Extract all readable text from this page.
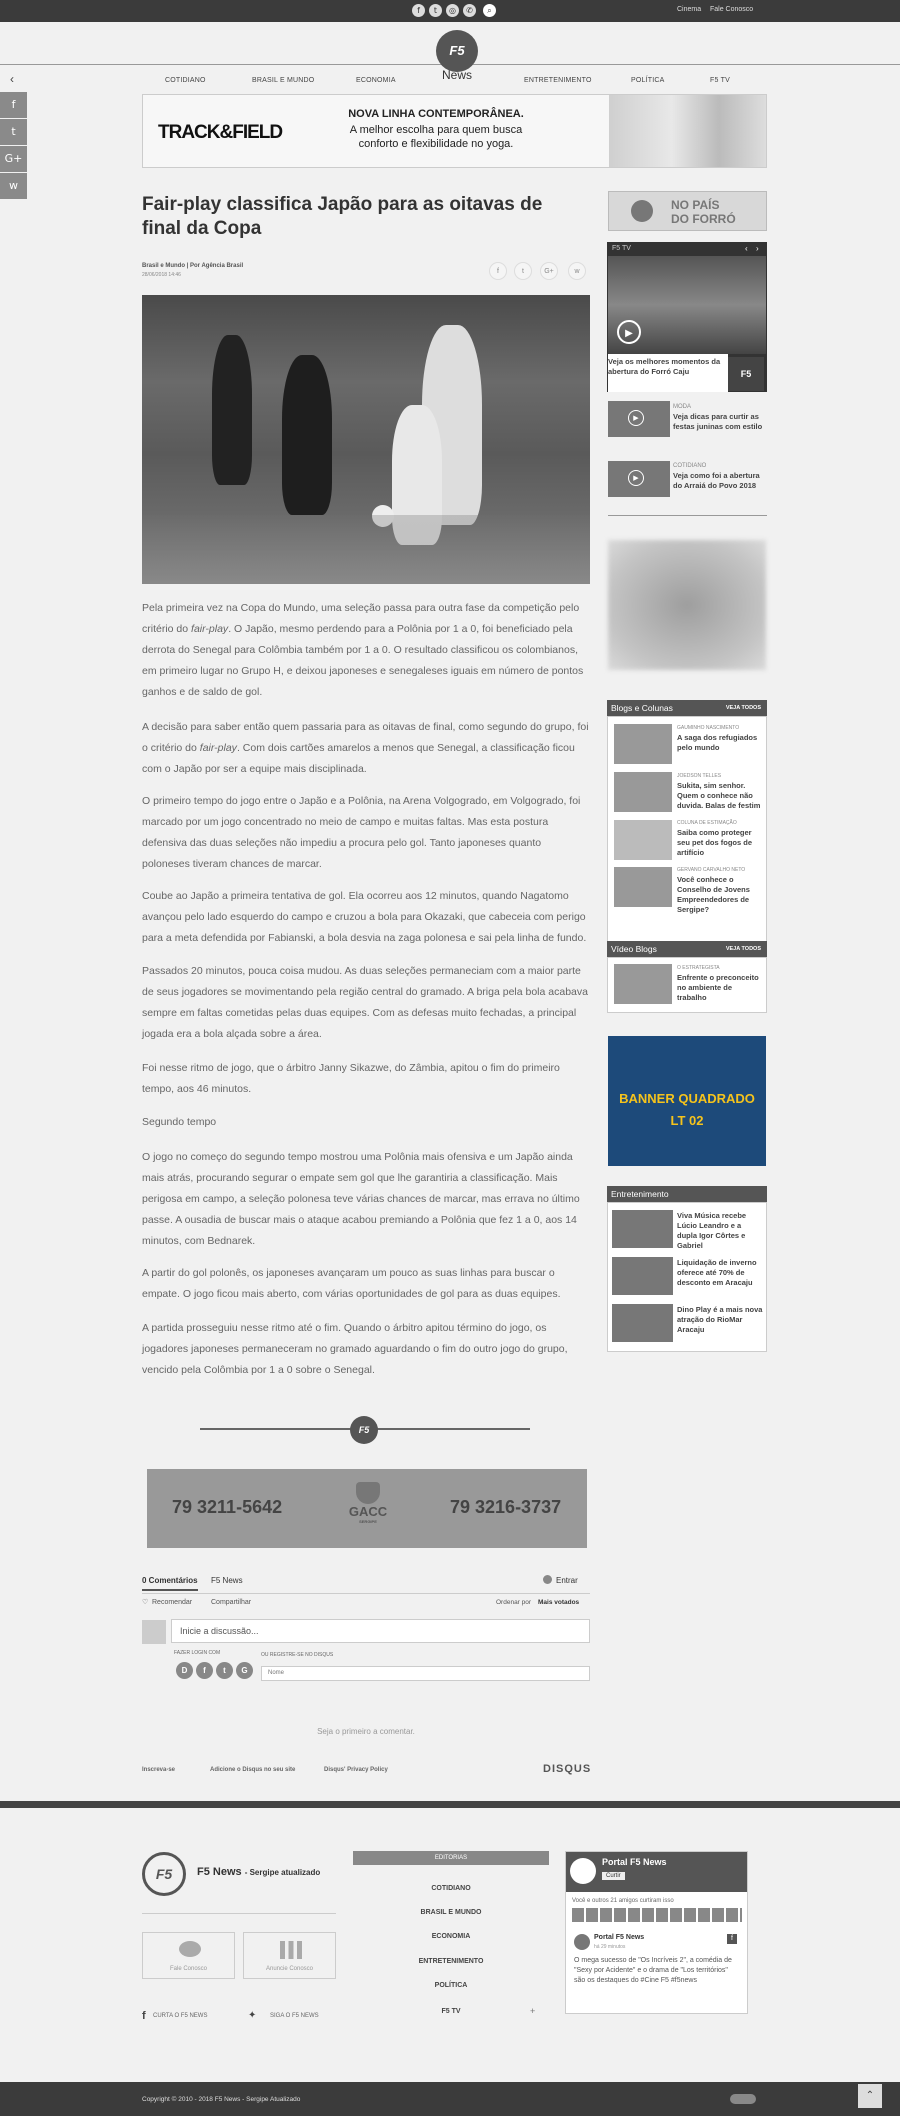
f	t	◎	✆	⌕	Cinema Fale Conosco
‹	COTIDIANO	BRASIL E MUNDO	ECONOMIA	ENTRETENIMENTO	POLÍTICA	F5 TV
F5
News
f
t
G+
w
TRACK&FIELD
NOVA LINHA CONTEMPORÂNEA.
A melhor escolha para quem busca
conforto e flexibilidade no yoga.
Fair-play classifica Japão para as oitavas de final da Copa
Brasil e Mundo | Por Agência Brasil
28/06/2018 14:46	f	t	G+	w
Pela primeira vez na Copa do Mundo, uma seleção passa para outra fase da competição pelo critério do fair-play. O Japão, mesmo perdendo para a Polônia por 1 a 0, foi beneficiado pela derrota do Senegal para Colômbia também por 1 a 0. O resultado classificou os colombianos, em primeiro lugar no Grupo H, e deixou japoneses e senegaleses iguais em número de pontos ganhos e de saldo de gol.
A decisão para saber então quem passaria para as oitavas de final, como segundo do grupo, foi o critério do fair-play. Com dois cartões amarelos a menos que Senegal, a classificação ficou com o Japão por ser a equipe mais disciplinada.
O primeiro tempo do jogo entre o Japão e a Polônia, na Arena Volgogrado, em Volgogrado, foi marcado por um jogo concentrado no meio de campo e muitas faltas. Mas esta postura defensiva das duas seleções não impediu a procura pelo gol. Tanto japoneses quanto poloneses tiveram chances de marcar.
Coube ao Japão a primeira tentativa de gol. Ela ocorreu aos 12 minutos, quando Nagatomo avançou pelo lado esquerdo do campo e cruzou a bola para Okazaki, que cabeceia com perigo para a meta defendida por Fabianski, a bola desvia na zaga polonesa e sai pela linha de fundo.
Passados 20 minutos, pouca coisa mudou. As duas seleções permaneciam com a maior parte de seus jogadores se movimentando pela região central do gramado. A briga pela bola acabava sempre em faltas cometidas pelas duas equipes. Com as defesas muito fechadas, a principal jogada era a bola alçada sobre a área.
Foi nesse ritmo de jogo, que o árbitro Janny Sikazwe, do Zâmbia, apitou o fim do primeiro tempo, aos 46 minutos.
Segundo tempo
O jogo no começo do segundo tempo mostrou uma Polônia mais ofensiva e um Japão ainda mais atrás, procurando segurar o empate sem gol que lhe garantiria a classificação. Mais perigosa em campo, a seleção polonesa teve várias chances de marcar, mas errava no último passe. A ousadia de buscar mais o ataque acabou premiando a Polônia que fez 1 a 0, aos 14 minutos, com Bednarek.
A partir do gol polonês, os japoneses avançaram um pouco as suas linhas para buscar o empate. O jogo ficou mais aberto, com várias oportunidades de gol para as duas equipes.
A partida prosseguiu nesse ritmo até o fim. Quando o árbitro apitou término do jogo, os jogadores japoneses permaneceram no gramado aguardando o fim do outro jogo do grupo, vencido pela Colômbia por 1 a 0 sobre o Senegal.
F5
79 3211-5642	79 3216-3737
GACC
SERGIPE
0 Comentários F5 News	Entrar
♡ Recomendar	Compartilhar	Ordenar por Mais votados
Inicie a discussão...
FAZER LOGIN COM	OU REGISTRE-SE NO DISQUS
D	f	t	G	Nome
Seja o primeiro a comentar.
Inscreva-se	Adicione o Disqus no seu site	Disqus' Privacy Policy	DISQUS
NO PAÍS
DO FORRÓ
F5 TV	‹ ›
▶
F5
Veja os melhores momentos da abertura do Forró Caju
▶
MODA
Veja dicas para curtir as festas juninas com estilo
▶
COTIDIANO
Veja como foi a abertura do Arraiá do Povo 2018
Blogs e Colunas	VEJA TODOS
GAUMINHO NASCIMENTO
A saga dos refugiados pelo mundo
JOEDSON TELLES
Sukita, sim senhor. Quem o conhece não duvida. Balas de festim
COLUNA DE ESTIMAÇÃO
Saiba como proteger seu pet dos fogos de artifício
GERVANO CARVALHO NETO
Você conhece o Conselho de Jovens Empreendedores de Sergipe?
Vídeo Blogs	VEJA TODOS
O ESTRATEGISTA
Enfrente o preconceito no ambiente de trabalho
BANNER QUADRADO
LT 02
Entretenimento
Viva Música recebe Lúcio Leandro e a dupla Igor Côrtes e Gabriel
Liquidação de inverno oferece até 70% de desconto em Aracaju
Dino Play é a mais nova atração do RioMar Aracaju
F5	F5 News - Sergipe atualizado
Fale Conosco	Anuncie Conosco
f CURTA O F5 NEWS	✦ SIGA O F5 NEWS
EDITORIAS
COTIDIANO
BRASIL E MUNDO
ECONOMIA
ENTRETENIMENTO
POLÍTICA
F5 TV	+
Portal F5 News
Curtir
Você e outros 21 amigos curtiram isso
Portal F5 News
há 29 minutos
f
O mega sucesso de "Os Incríveis 2", a comédia de "Sexy por Acidente" e o drama de "Los territórios" são os destaques do #Cine F5 #f5news
Copyright © 2010 - 2018 F5 News - Sergipe Atualizado	⌃
